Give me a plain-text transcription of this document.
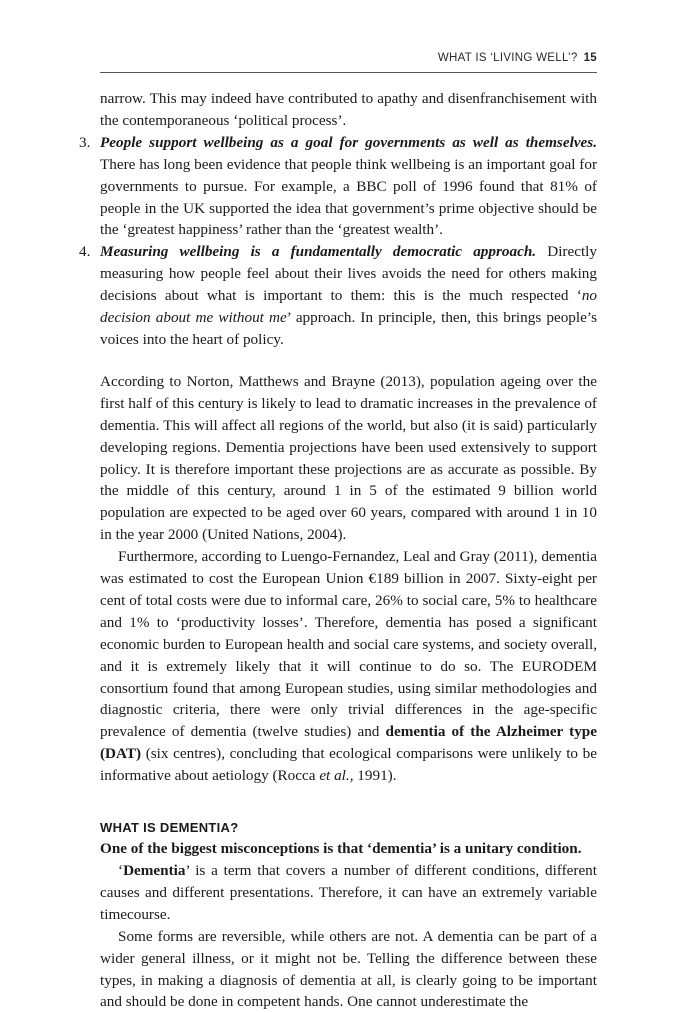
WHAT IS ‘LIVING WELL’? 15

narrow. This may indeed have contributed to apathy and disenfranchisement with the contemporaneous ‘political process’.

3. People support wellbeing as a goal for governments as well as themselves. There has long been evidence that people think wellbeing is an important goal for governments to pursue. For example, a BBC poll of 1996 found that 81% of people in the UK supported the idea that government’s prime objective should be the ‘greatest happiness’ rather than the ‘greatest wealth’.
4. Measuring wellbeing is a fundamentally democratic approach. Directly measuring how people feel about their lives avoids the need for others making decisions about what is important to them: this is the much respected ‘no decision about me without me’ approach. In principle, then, this brings people’s voices into the heart of policy.

According to Norton, Matthews and Brayne (2013), population ageing over the first half of this century is likely to lead to dramatic increases in the prevalence of dementia. This will affect all regions of the world, but also (it is said) particularly developing regions. Dementia projections have been used extensively to support policy. It is therefore important these projections are as accurate as possible. By the middle of this century, around 1 in 5 of the estimated 9 billion world population are expected to be aged over 60 years, compared with around 1 in 10 in the year 2000 (United Nations, 2004).

Furthermore, according to Luengo-Fernandez, Leal and Gray (2011), dementia was estimated to cost the European Union €189 billion in 2007. Sixty-eight per cent of total costs were due to informal care, 26% to social care, 5% to healthcare and 1% to ‘productivity losses’. Therefore, dementia has posed a significant economic burden to European health and social care systems, and society overall, and it is extremely likely that it will continue to do so. The EURODEM consortium found that among European studies, using similar methodologies and diagnostic criteria, there were only trivial differences in the age-specific prevalence of dementia (twelve studies) and dementia of the Alzheimer type (DAT) (six centres), concluding that ecological comparisons were unlikely to be informative about aetiology (Rocca et al., 1991).

WHAT IS DEMENTIA?

One of the biggest misconceptions is that ‘dementia’ is a unitary condition.

‘Dementia’ is a term that covers a number of different conditions, different causes and different presentations. Therefore, it can have an extremely variable timecourse.

Some forms are reversible, while others are not. A dementia can be part of a wider general illness, or it might not be. Telling the difference between these types, in making a diagnosis of dementia at all, is clearly going to be important and should be done in competent hands. One cannot underestimate the
